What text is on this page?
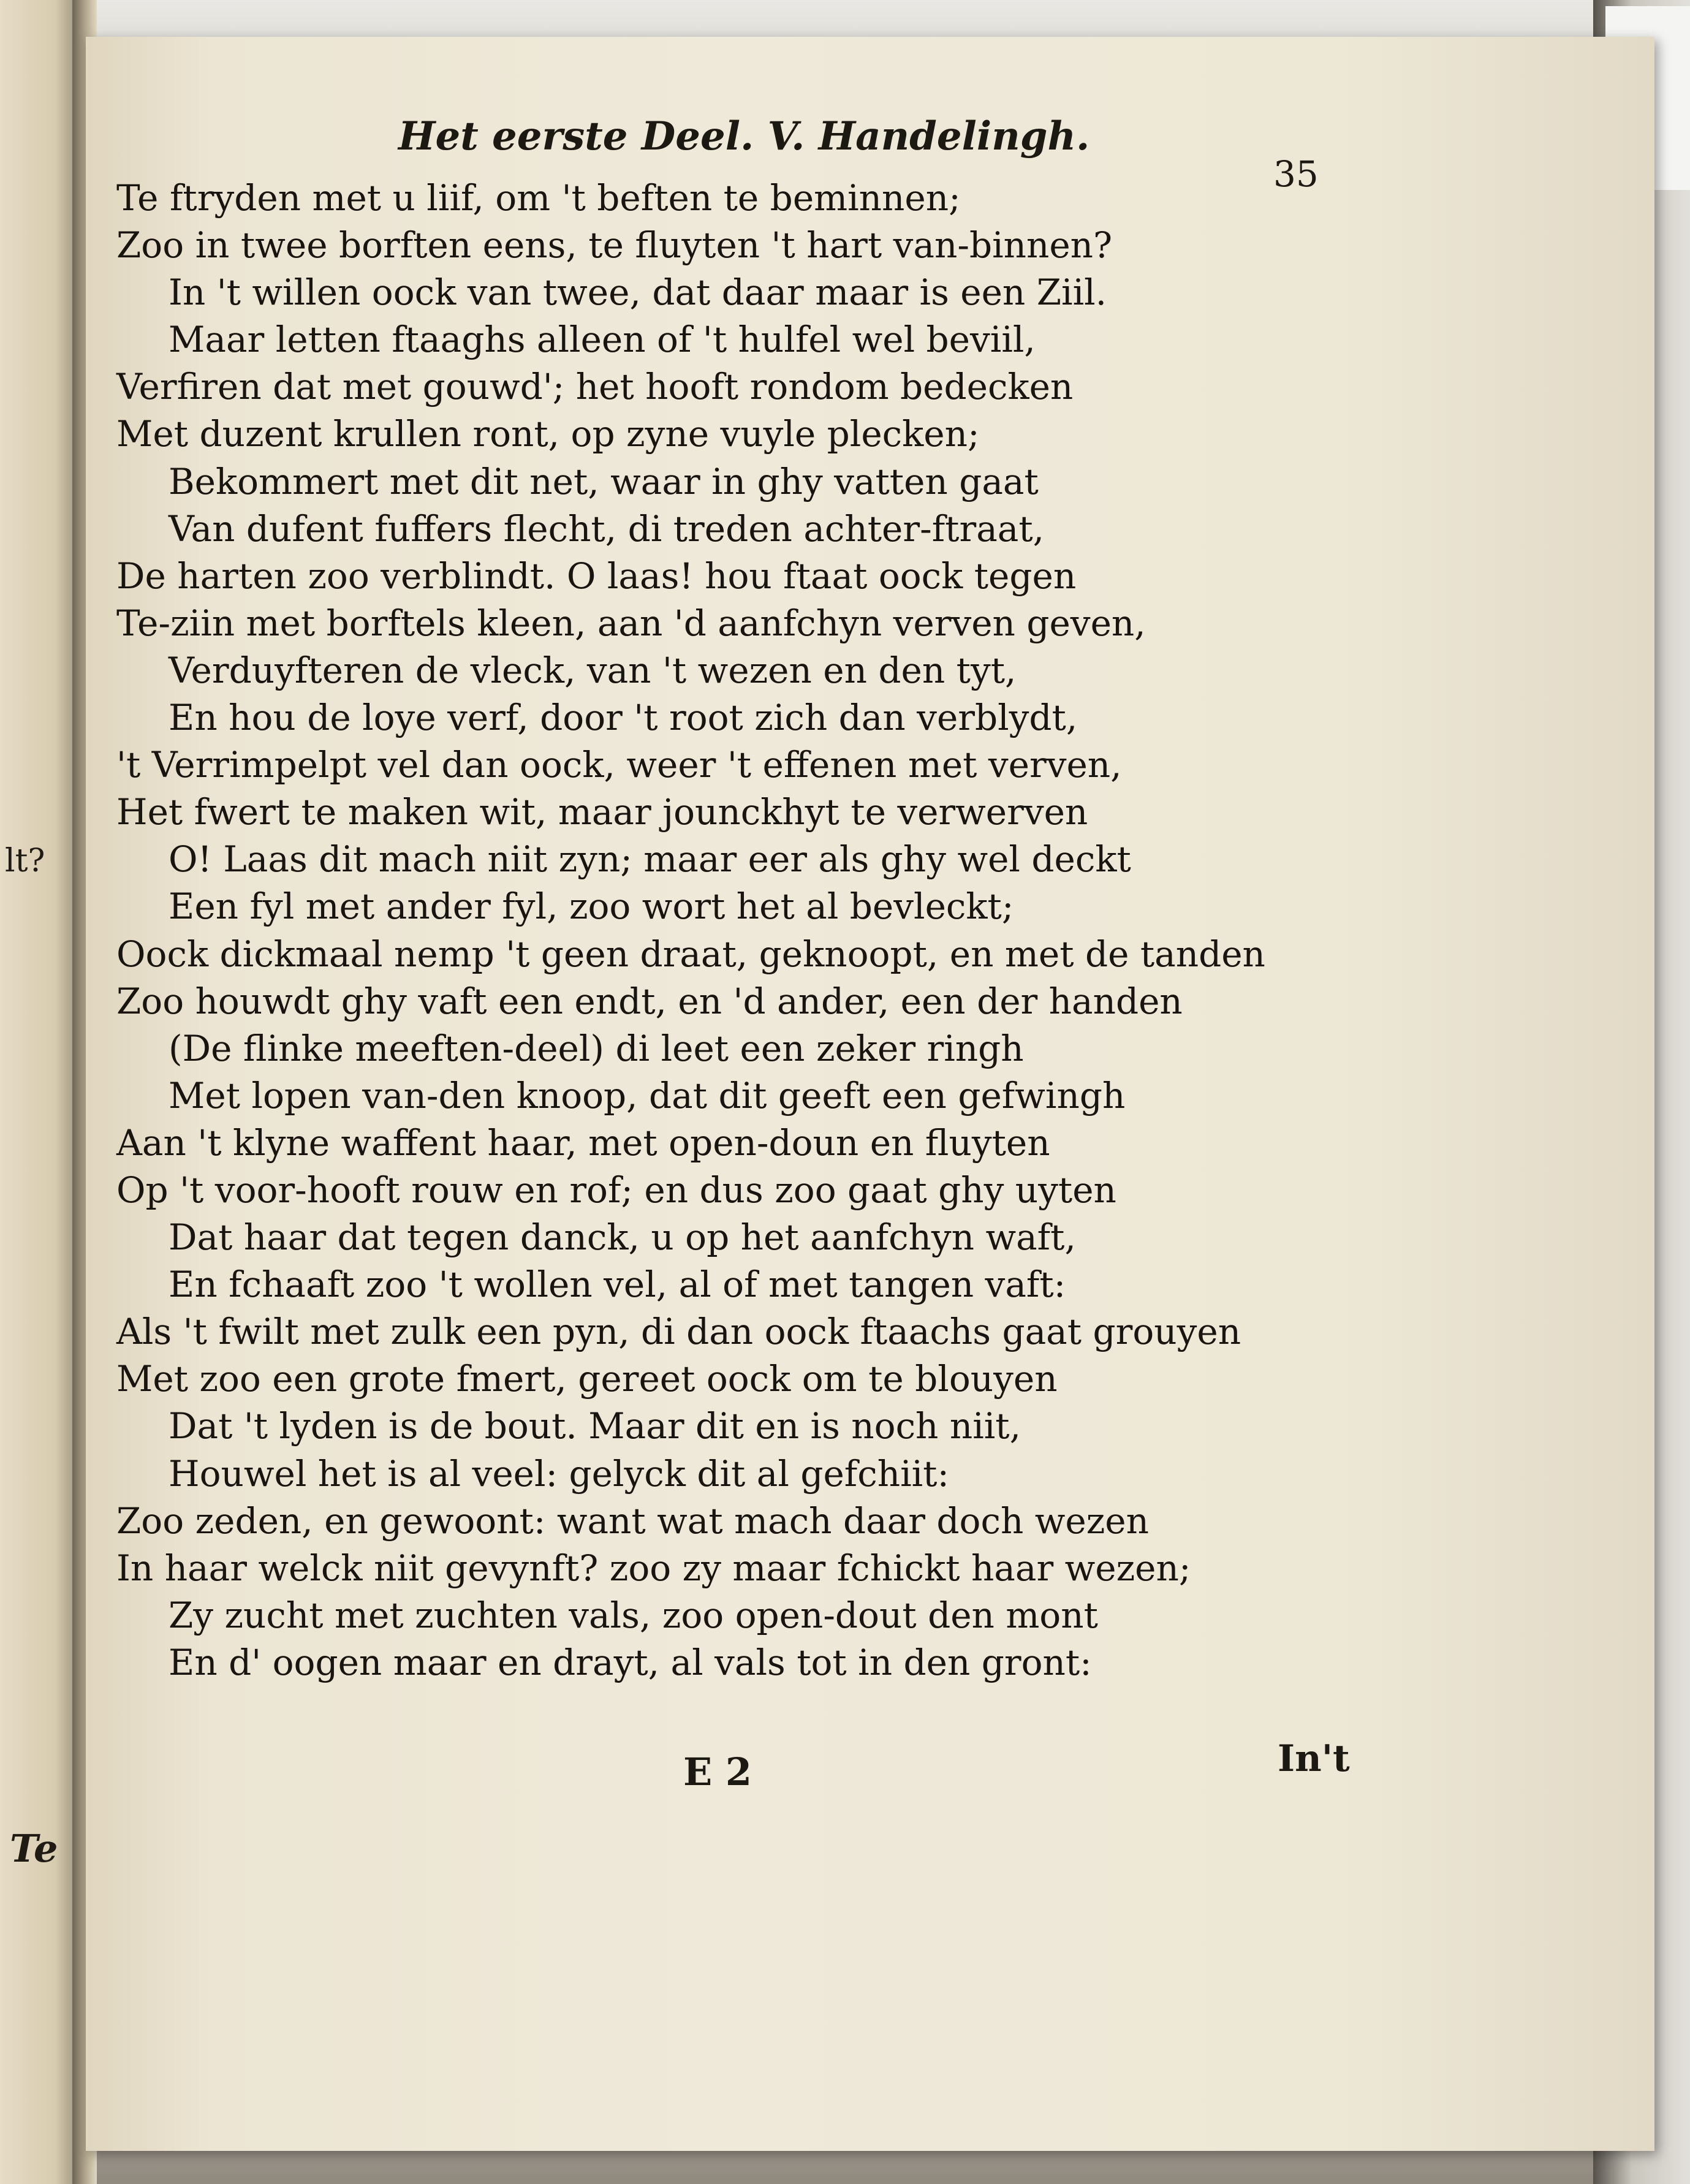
lt?
Te
Het eerste Deel. V. Handelingh.
35
Te ftryden met u liif, om 't beften te beminnen;
Zoo in twee borften eens, te fluyten 't hart van-binnen?
In 't willen oock van twee, dat daar maar is een Ziil.
Maar letten ftaaghs alleen of 't hulfel wel beviil,
Verfiren dat met gouwd'; het hooft rondom bedecken
Met duzent krullen ront, op zyne vuyle plecken;
Bekommert met dit net, waar in ghy vatten gaat
Van dufent fuffers flecht, di treden achter-ftraat,
De harten zoo verblindt. O laas! hou ftaat oock tegen
Te-ziin met borftels kleen, aan 'd aanfchyn verven geven,
Verduyfteren de vleck, van 't wezen en den tyt,
En hou de loye verf, door 't root zich dan verblydt,
't Verrimpelpt vel dan oock, weer 't effenen met verven,
Het fwert te maken wit, maar jounckhyt te verwerven
O! Laas dit mach niit zyn; maar eer als ghy wel deckt
Een fyl met ander fyl, zoo wort het al bevleckt;
Oock dickmaal nemp 't geen draat, geknoopt, en met de tanden
Zoo houwdt ghy vaft een endt, en 'd ander, een der handen
(De flinke meeften-deel) di leet een zeker ringh
Met lopen van-den knoop, dat dit geeft een gefwingh
Aan 't klyne waffent haar, met open-doun en fluyten
Op 't voor-hooft rouw en rof; en dus zoo gaat ghy uyten
Dat haar dat tegen danck, u op het aanfchyn waft,
En fchaaft zoo 't wollen vel, al of met tangen vaft:
Als 't fwilt met zulk een pyn, di dan oock ftaachs gaat grouyen
Met zoo een grote fmert, gereet oock om te blouyen
Dat 't lyden is de bout. Maar dit en is noch niit,
Houwel het is al veel: gelyck dit al gefchiit:
Zoo zeden, en gewoont: want wat mach daar doch wezen
In haar welck niit gevynft? zoo zy maar fchickt haar wezen;
Zy zucht met zuchten vals, zoo open-dout den mont
En d' oogen maar en drayt, al vals tot in den gront:
E 2	In't
